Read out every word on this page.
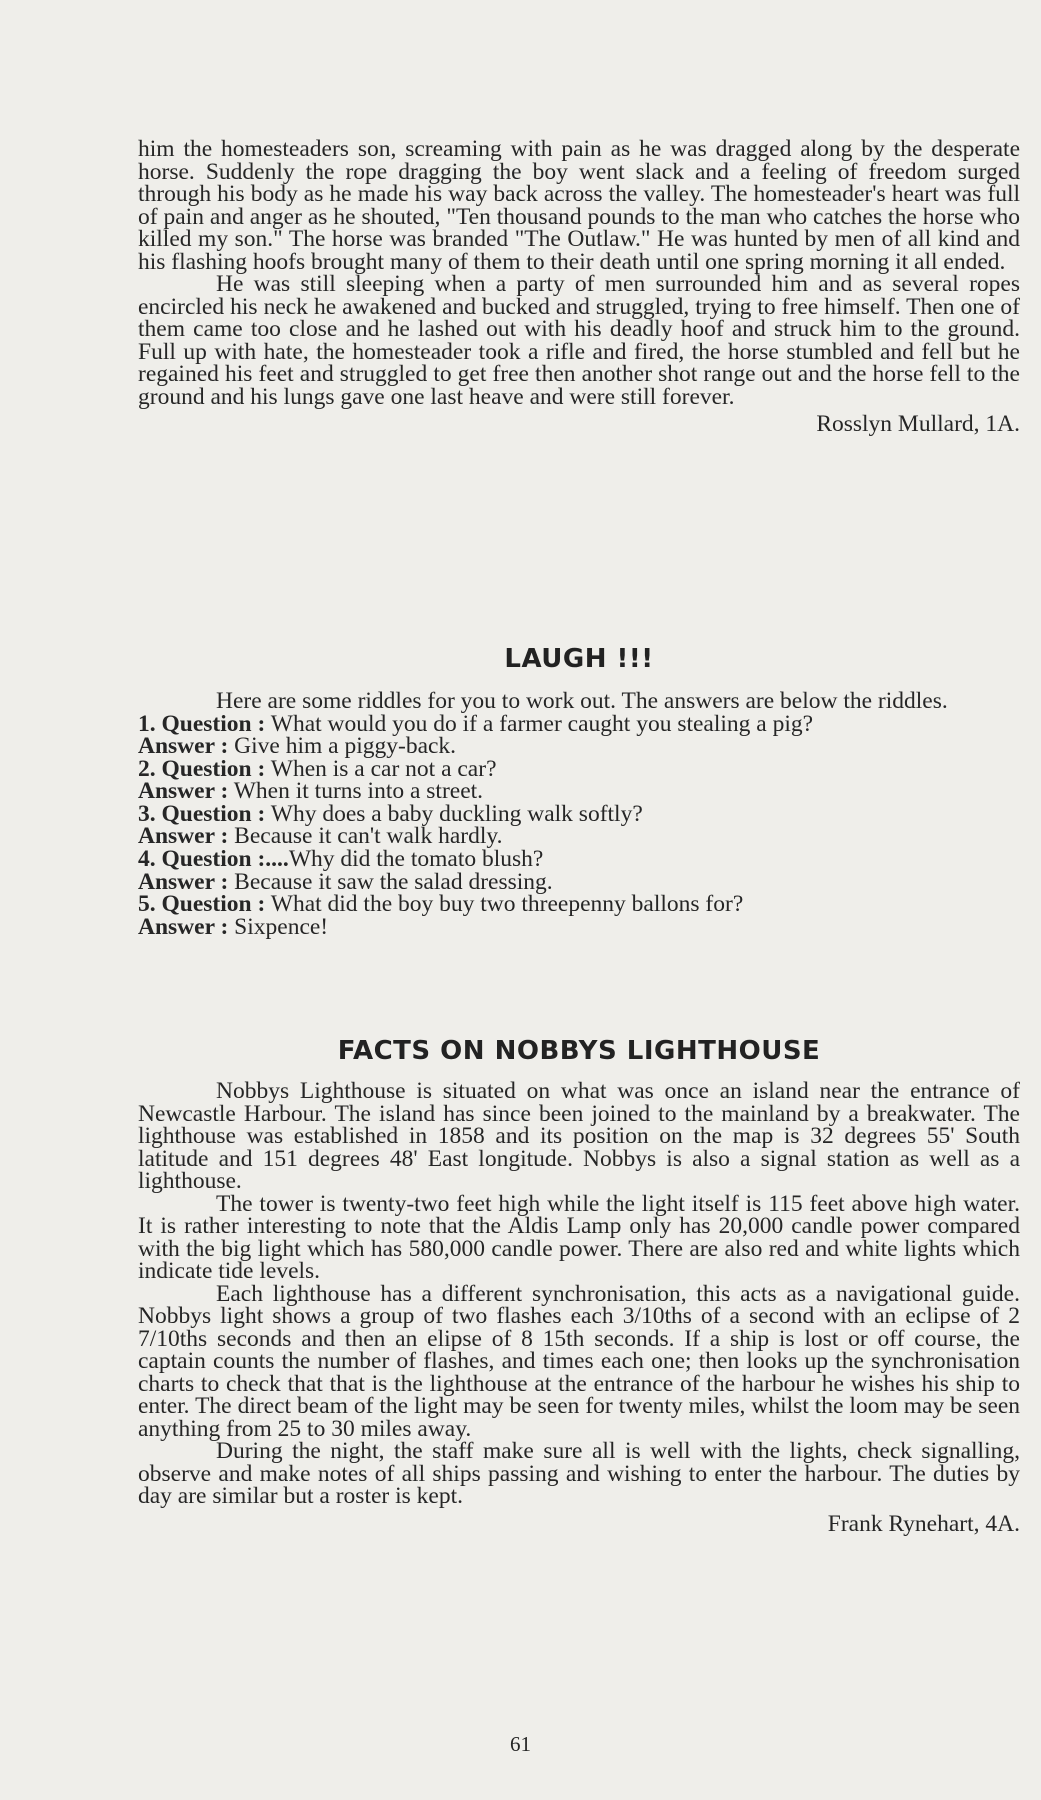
him the homesteaders son, screaming with pain as he was dragged along by the desperate horse. Suddenly the rope dragging the boy went slack and a feeling of freedom surged through his body as he made his way back across the valley. The homesteader's heart was full of pain and anger as he shouted, "Ten thousand pounds to the man who catches the horse who killed my son." The horse was branded "The Outlaw." He was hunted by men of all kind and his flashing hoofs brought many of them to their death until one spring morning it all ended.

He was still sleeping when a party of men surrounded him and as several ropes encircled his neck he awakened and bucked and struggled, trying to free himself. Then one of them came too close and he lashed out with his deadly hoof and struck him to the ground. Full up with hate, the homesteader took a rifle and fired, the horse stumbled and fell but he regained his feet and struggled to get free then another shot range out and the horse fell to the ground and his lungs gave one last heave and were still forever.

Rosslyn Mullard, 1A.
LAUGH !!!

Here are some riddles for you to work out. The answers are below the riddles.

1. Question : What would you do if a farmer caught you stealing a pig?
Answer : Give him a piggy-back.
2. Question : When is a car not a car?
Answer : When it turns into a street.
3. Question : Why does a baby duckling walk softly?
Answer : Because it can't walk hardly.
4. Question :....Why did the tomato blush?
Answer : Because it saw the salad dressing.
5. Question : What did the boy buy two threepenny ballons for?
Answer : Sixpence!
FACTS ON NOBBYS LIGHTHOUSE

Nobbys Lighthouse is situated on what was once an island near the entrance of Newcastle Harbour. The island has since been joined to the mainland by a breakwater. The lighthouse was established in 1858 and its position on the map is 32 degrees 55' South latitude and 151 degrees 48' East longitude. Nobbys is also a signal station as well as a lighthouse.

The tower is twenty-two feet high while the light itself is 115 feet above high water. It is rather interesting to note that the Aldis Lamp only has 20,000 candle power compared with the big light which has 580,000 candle power. There are also red and white lights which indicate tide levels.

Each lighthouse has a different synchronisation, this acts as a navigational guide. Nobbys light shows a group of two flashes each 3/10ths of a second with an eclipse of 2 7/10ths seconds and then an elipse of 8 15th seconds. If a ship is lost or off course, the captain counts the number of flashes, and times each one; then looks up the synchronisation charts to check that that is the lighthouse at the entrance of the harbour he wishes his ship to enter. The direct beam of the light may be seen for twenty miles, whilst the loom may be seen anything from 25 to 30 miles away.

During the night, the staff make sure all is well with the lights, check signalling, observe and make notes of all ships passing and wishing to enter the harbour. The duties by day are similar but a roster is kept.

Frank Rynehart, 4A.
61
